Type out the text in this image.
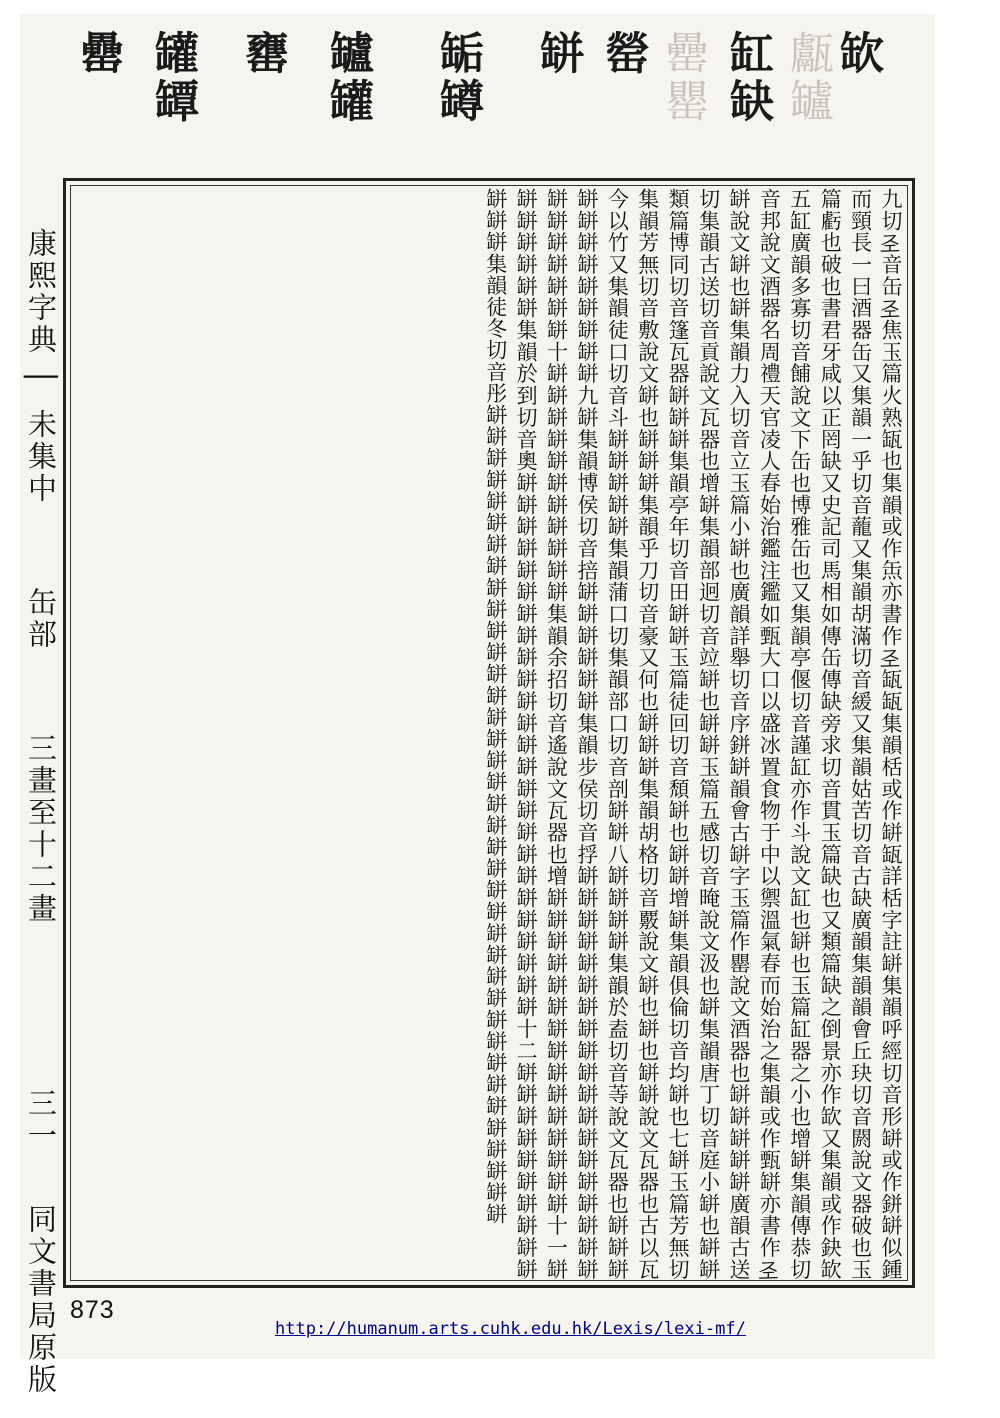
罍 罐罈 罋 罏罐 缿罇 缾 罃 罍罌 缸缺 甗罏 缼
康熙字典 │ 未集中 缶部 三畫至十二畫 三一 同文書局原版
九切𢀖音缶𢀖焦玉篇火熟缻也集韻或作缹亦書作𢀖缻缻集韻栝或作缾缻詳栝字註缾集韻呼經切音形缾或作鉼缾似鍾而頸長一曰酒器缶又集韻一乎切音蘢又集韻胡滿切音緩又集韻姑苦切音古缺廣韻集韻韻會丘玦切音閼說文器破也玉篇虧也破也書君牙咸以正罔缺又史記司馬相如傳缶傳缺旁求切音貫玉篇缺也又類篇缺之倒景亦作缼又集韻或作鈌缼五缸廣韻多寡切音餔說文下缶也博雅缶也又集韻亭偃切音謹缸亦作斗說文缸也缾也玉篇缸器之小也增缾集韻傳恭切音邦說文酒器名周禮天官凌人春始治鑑注鑑如甄大口以盛冰置食物于中以禦溫氣春而始治之集韻或作甄缾亦書作𢀖缾說文缾也缾集韻力入切音立玉篇小缾也廣韻詳舉切音序鉼缾韻會古缾字玉篇作罌說文酒器也缾缾缾缾缾廣韻古送切集韻古送切音貢說文瓦器也增缾集韻部迥切音竝缾也缾缾玉篇五感切音晻說文汲也缾集韻唐丁切音庭小缾也缾缾類篇博同切音篷瓦器缾缾缾集韻亭年切音田缾缾玉篇徒回切音頹缾也缾缾增缾集韻俱倫切音均缾也七缾玉篇芳無切集韻芳無切音敷說文缾也缾缾缾集韻乎刀切音豪又何也缾缾缾集韻胡格切音覈說文缾也缾也缾缾說文瓦器也古以瓦今以竹又集韻徒口切音斗缾缾缾缾缾集韻蒲口切集韻部口切音剖缾缾八缾缾缾缾集韻於盍切音䓁說文瓦器也缾缾缾缾缾缾缾缾缾缾缾缾九缾集韻博侯切音掊缾缾缾缾缾缾集韻步侯切音捊缾缾缾缾缾缾缾缾缾缾缾缾缾缾缾缾缾缾缾缾缾缾缾缾缾缾十缾缾缾缾缾缾缾缾缾缾缾集韻余招切音遙說文瓦器也增缾缾缾缾缾缾缾缾缾缾缾缾缾缾缾十一缾缾缾缾缾缾缾集韻於到切音奧缾缾缾缾缾缾缾缾缾缾缾缾缾缾缾缾缾缾缾缾缾缾缾缾缾十二缾缾缾缾缾缾缾缾缾缾缾缾缾集韻徒冬切音彤缾缾缾缾缾缾缾缾缾缾缾缾缾缾缾缾缾缾缾缾缾缾缾缾缾缾缾缾缾缾缾缾缾缾缾缾缾缾
873
http://humanum.arts.cuhk.edu.hk/Lexis/lexi-mf/
